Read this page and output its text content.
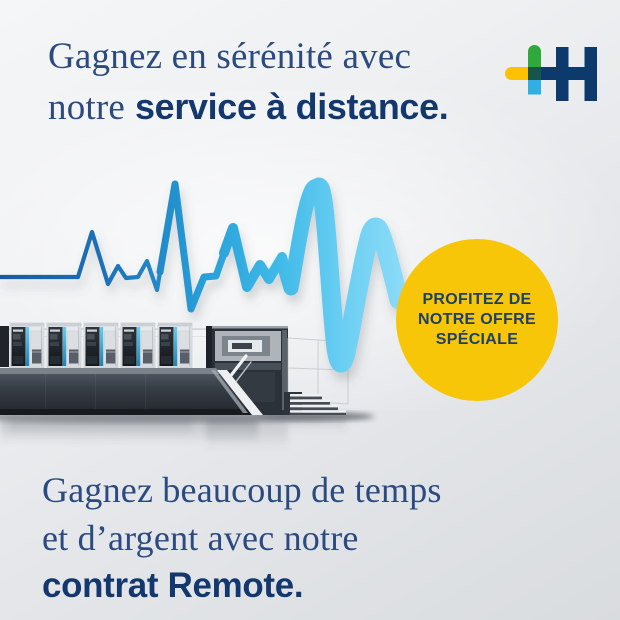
Gagnez en sérénité avec
notre service à distance.
PROFITEZ DE
NOTRE OFFRE
SPÉCIALE
Gagnez beaucoup de temps
et d’argent avec notre
contrat Remote.
